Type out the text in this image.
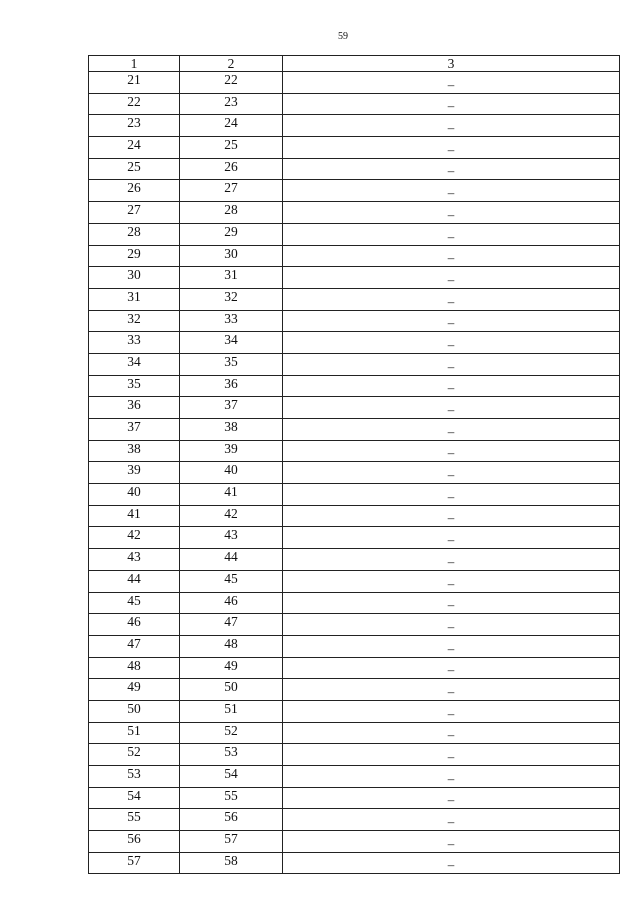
59
1	2	3
21	22	–
22	23	–
23	24	–
24	25	–
25	26	–
26	27	–
27	28	–
28	29	–
29	30	–
30	31	–
31	32	–
32	33	–
33	34	–
34	35	–
35	36	–
36	37	–
37	38	–
38	39	–
39	40	–
40	41	–
41	42	–
42	43	–
43	44	–
44	45	–
45	46	–
46	47	–
47	48	–
48	49	–
49	50	–
50	51	–
51	52	–
52	53	–
53	54	–
54	55	–
55	56	–
56	57	–
57	58	–
